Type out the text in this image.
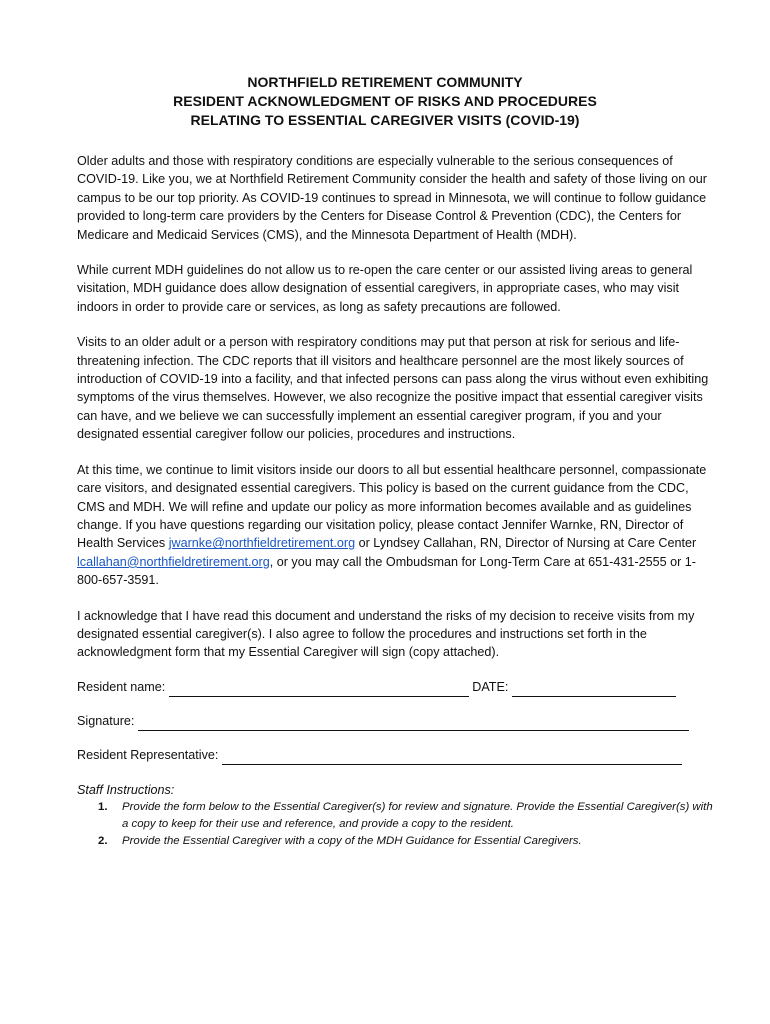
NORTHFIELD RETIREMENT COMMUNITY
RESIDENT ACKNOWLEDGMENT OF RISKS AND PROCEDURES
RELATING TO ESSENTIAL CAREGIVER VISITS (COVID-19)

Older adults and those with respiratory conditions are especially vulnerable to the serious consequences of COVID-19. Like you, we at Northfield Retirement Community consider the health and safety of those living on our campus to be our top priority. As COVID-19 continues to spread in Minnesota, we will continue to follow guidance provided to long-term care providers by the Centers for Disease Control & Prevention (CDC), the Centers for Medicare and Medicaid Services (CMS), and the Minnesota Department of Health (MDH).

While current MDH guidelines do not allow us to re-open the care center or our assisted living areas to general visitation, MDH guidance does allow designation of essential caregivers, in appropriate cases, who may visit indoors in order to provide care or services, as long as safety precautions are followed.

Visits to an older adult or a person with respiratory conditions may put that person at risk for serious and life-threatening infection. The CDC reports that ill visitors and healthcare personnel are the most likely sources of introduction of COVID-19 into a facility, and that infected persons can pass along the virus without even exhibiting symptoms of the virus themselves. However, we also recognize the positive impact that essential caregiver visits can have, and we believe we can successfully implement an essential caregiver program, if you and your designated essential caregiver follow our policies, procedures and instructions.

At this time, we continue to limit visitors inside our doors to all but essential healthcare personnel, compassionate care visitors, and designated essential caregivers. This policy is based on the current guidance from the CDC, CMS and MDH. We will refine and update our policy as more information becomes available and as guidelines change. If you have questions regarding our visitation policy, please contact Jennifer Warnke, RN, Director of Health Services jwarnke@northfieldretirement.org or Lyndsey Callahan, RN, Director of Nursing at Care Center lcallahan@northfieldretirement.org, or you may call the Ombudsman for Long-Term Care at 651-431-2555 or 1-800-657-3591.

I acknowledge that I have read this document and understand the risks of my decision to receive visits from my designated essential caregiver(s). I also agree to follow the procedures and instructions set forth in the acknowledgment form that my Essential Caregiver will sign (copy attached).

Resident name:	DATE:
Signature:
Resident Representative:
Staff Instructions:
1.	Provide the form below to the Essential Caregiver(s) for review and signature. Provide the Essential Caregiver(s) with a copy to keep for their use and reference, and provide a copy to the resident.
2.	Provide the Essential Caregiver with a copy of the MDH Guidance for Essential Caregivers.
